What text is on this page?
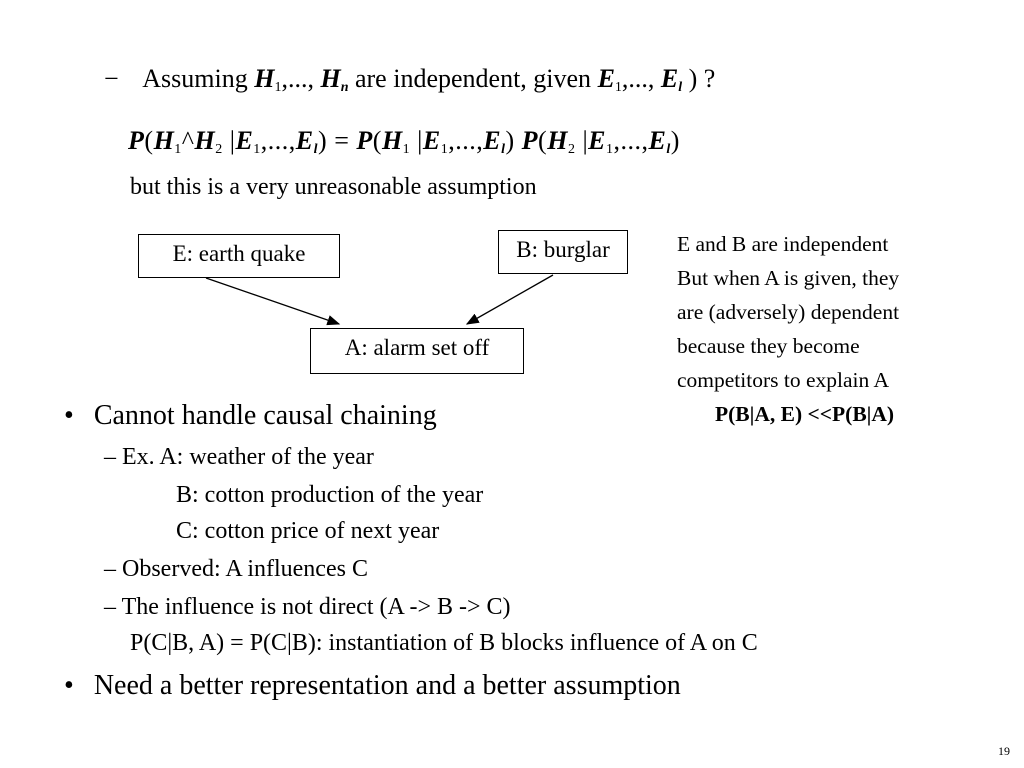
− Assuming $H_1$,..., $H_n$ are independent, given $E_1$,..., $E_l$ ) ?
$P(H_1\^{}H_2$ $|E_1,...,E_l) = P(H_1$ $|E_1,...,E_l$) $P(H_2$ $|E_1,...,E_l$)
but this is a very unreasonable assumption
E: earth quake	B: burglar
A: alarm set off
E and B are independent
But when A is given, they
are (adversely) dependent
because they become
competitors to explain A
P(B|A, E) <<P(B|A)
• Cannot handle causal chaining
– Ex. A: weather of the year
B: cotton production of the year
C: cotton price of next year
– Observed: A influences C
– The influence is not direct (A -> B -> C)
P(C|B, A) = P(C|B): instantiation of B blocks influence of A on C
• Need a better representation and a better assumption
19
